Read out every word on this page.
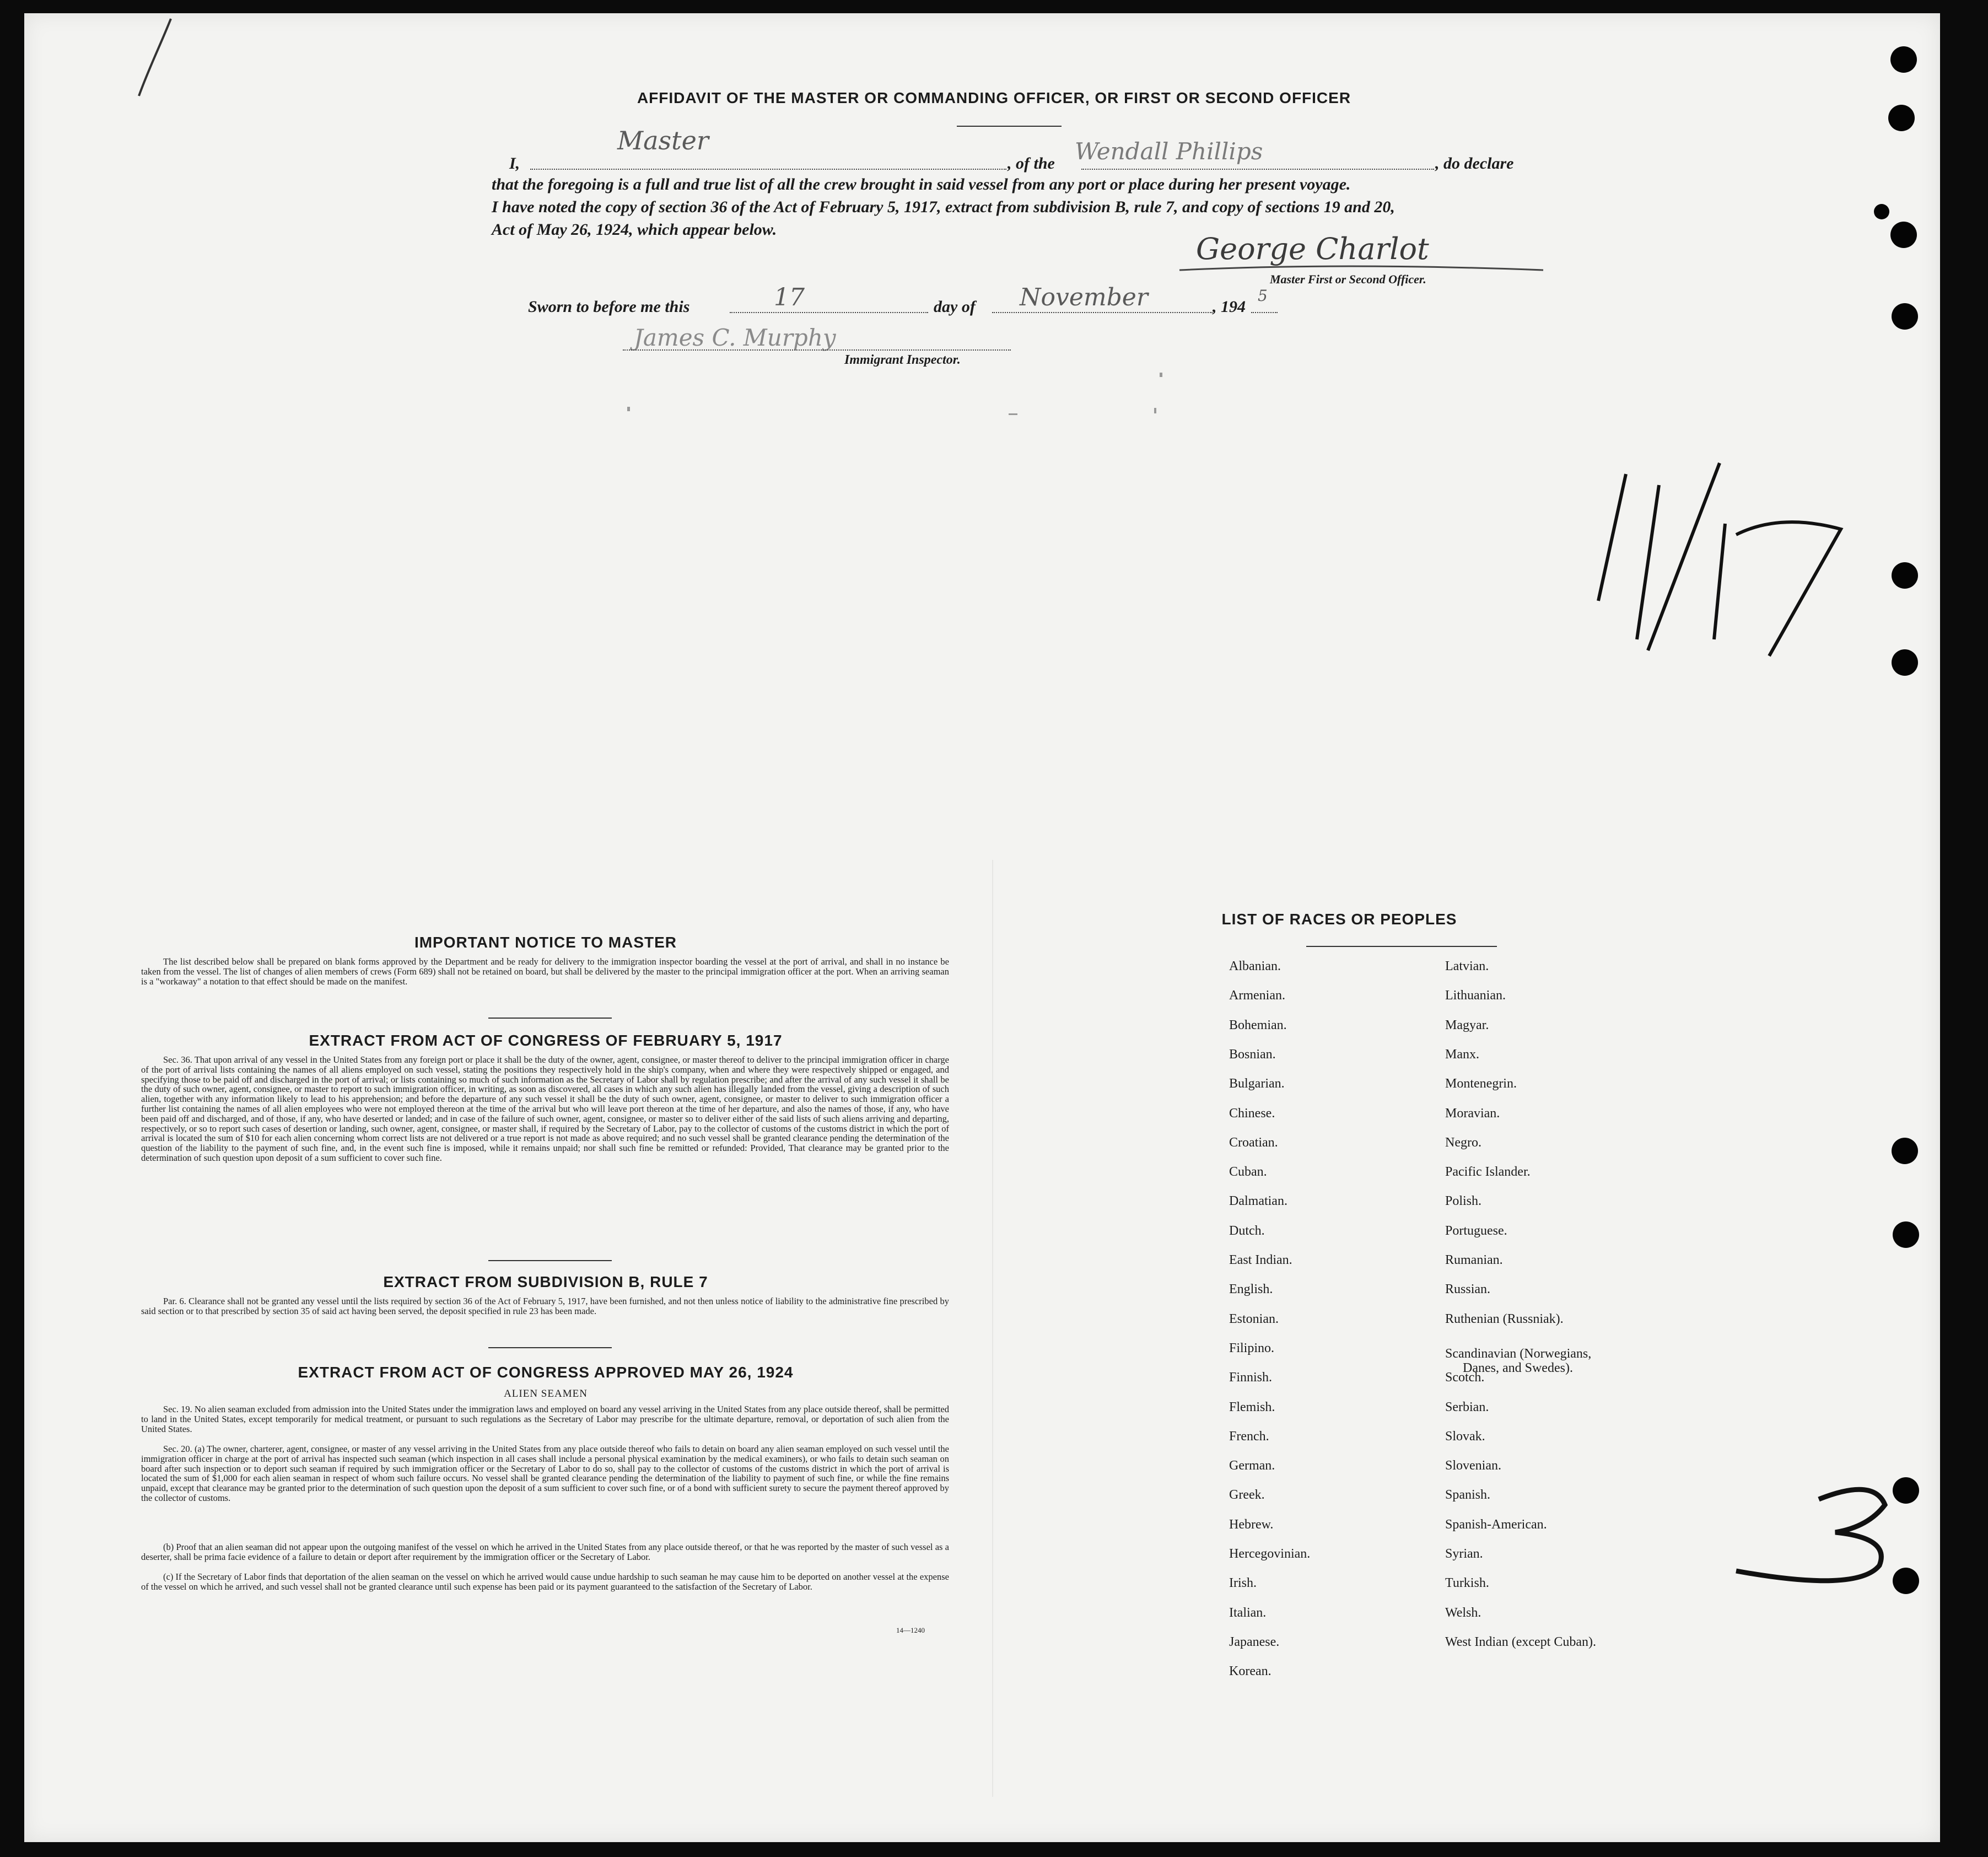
AFFIDAVIT OF THE MASTER OR COMMANDING OFFICER, OR FIRST OR SECOND OFFICER
I,
Master
, of the Wendall Phillips	, do declare
that the foregoing is a full and true list of all the crew brought in said vessel from any port or place during her present voyage.
I have noted the copy of section 36 of the Act of February 5, 1917, extract from subdivision B, rule 7, and copy of sections 19 and 20,
Act of May 26, 1924, which appear below.
George Charlot
Master First or Second Officer.
Sworn to before me this	17	day of November	, 194
5
James C. Murphy
Immigrant Inspector.
IMPORTANT NOTICE TO MASTER
The list described below shall be prepared on blank forms approved by the Department and be ready for delivery to the immigration inspector boarding the vessel at the port of arrival, and shall in no instance be taken from the vessel. The list of changes of alien members of crews (Form 689) shall not be retained on board, but shall be delivered by the master to the principal immigration officer at the port. When an arriving seaman is a "workaway" a notation to that effect should be made on the manifest.
EXTRACT FROM ACT OF CONGRESS OF FEBRUARY 5, 1917
Sec. 36. That upon arrival of any vessel in the United States from any foreign port or place it shall be the duty of the owner, agent, consignee, or master thereof to deliver to the principal immigration officer in charge of the port of arrival lists containing the names of all aliens employed on such vessel, stating the positions they respectively hold in the ship's company, when and where they were respectively shipped or engaged, and specifying those to be paid off and discharged in the port of arrival; or lists containing so much of such information as the Secretary of Labor shall by regulation prescribe; and after the arrival of any such vessel it shall be the duty of such owner, agent, consignee, or master to report to such immigration officer, in writing, as soon as discovered, all cases in which any such alien has illegally landed from the vessel, giving a description of such alien, together with any information likely to lead to his apprehension; and before the departure of any such vessel it shall be the duty of such owner, agent, consignee, or master to deliver to such immigration officer a further list containing the names of all alien employees who were not employed thereon at the time of the arrival but who will leave port thereon at the time of her departure, and also the names of those, if any, who have been paid off and discharged, and of those, if any, who have deserted or landed; and in case of the failure of such owner, agent, consignee, or master so to deliver either of the said lists of such aliens arriving and departing, respectively, or so to report such cases of desertion or landing, such owner, agent, consignee, or master shall, if required by the Secretary of Labor, pay to the collector of customs of the customs district in which the port of arrival is located the sum of $10 for each alien concerning whom correct lists are not delivered or a true report is not made as above required; and no such vessel shall be granted clearance pending the determination of the question of the liability to the payment of such fine, and, in the event such fine is imposed, while it remains unpaid; nor shall such fine be remitted or refunded: Provided, That clearance may be granted prior to the determination of such question upon deposit of a sum sufficient to cover such fine.
EXTRACT FROM SUBDIVISION B, RULE 7
Par. 6. Clearance shall not be granted any vessel until the lists required by section 36 of the Act of February 5, 1917, have been furnished, and not then unless notice of liability to the administrative fine prescribed by said section or to that prescribed by section 35 of said act having been served, the deposit specified in rule 23 has been made.
EXTRACT FROM ACT OF CONGRESS APPROVED MAY 26, 1924
ALIEN SEAMEN
Sec. 19. No alien seaman excluded from admission into the United States under the immigration laws and employed on board any vessel arriving in the United States from any place outside thereof, shall be permitted to land in the United States, except temporarily for medical treatment, or pursuant to such regulations as the Secretary of Labor may prescribe for the ultimate departure, removal, or deportation of such alien from the United States.
Sec. 20. (a) The owner, charterer, agent, consignee, or master of any vessel arriving in the United States from any place outside thereof who fails to detain on board any alien seaman employed on such vessel until the immigration officer in charge at the port of arrival has inspected such seaman (which inspection in all cases shall include a personal physical examination by the medical examiners), or who fails to detain such seaman on board after such inspection or to deport such seaman if required by such immigration officer or the Secretary of Labor to do so, shall pay to the collector of customs of the customs district in which the port of arrival is located the sum of $1,000 for each alien seaman in respect of whom such failure occurs. No vessel shall be granted clearance pending the determination of the liability to payment of such fine, or while the fine remains unpaid, except that clearance may be granted prior to the determination of such question upon the deposit of a sum sufficient to cover such fine, or of a bond with sufficient surety to secure the payment thereof approved by the collector of customs.
(b) Proof that an alien seaman did not appear upon the outgoing manifest of the vessel on which he arrived in the United States from any place outside thereof, or that he was reported by the master of such vessel as a deserter, shall be prima facie evidence of a failure to detain or deport after requirement by the immigration officer or the Secretary of Labor.
(c) If the Secretary of Labor finds that deportation of the alien seaman on the vessel on which he arrived would cause undue hardship to such seaman he may cause him to be deported on another vessel at the expense of the vessel on which he arrived, and such vessel shall not be granted clearance until such expense has been paid or its payment guaranteed to the satisfaction of the Secretary of Labor.
14—1240
LIST OF RACES OR PEOPLES
Albanian.
Armenian.
Bohemian.
Bosnian.
Bulgarian.
Chinese.
Croatian.
Cuban.
Dalmatian.
Dutch.
East Indian.
English.
Estonian.
Filipino.
Finnish.
Flemish.
French.
German.
Greek.
Hebrew.
Hercegovinian.
Irish.
Italian.
Japanese.
Korean.
Latvian.
Lithuanian.
Magyar.
Manx.
Montenegrin.
Moravian.
Negro.
Pacific Islander.
Polish.
Portuguese.
Rumanian.
Russian.
Ruthenian (Russniak).
Scandinavian (Norwegians,
Danes, and Swedes).
Scotch.
Serbian.
Slovak.
Slovenian.
Spanish.
Spanish-American.
Syrian.
Turkish.
Welsh.
West Indian (except Cuban).
